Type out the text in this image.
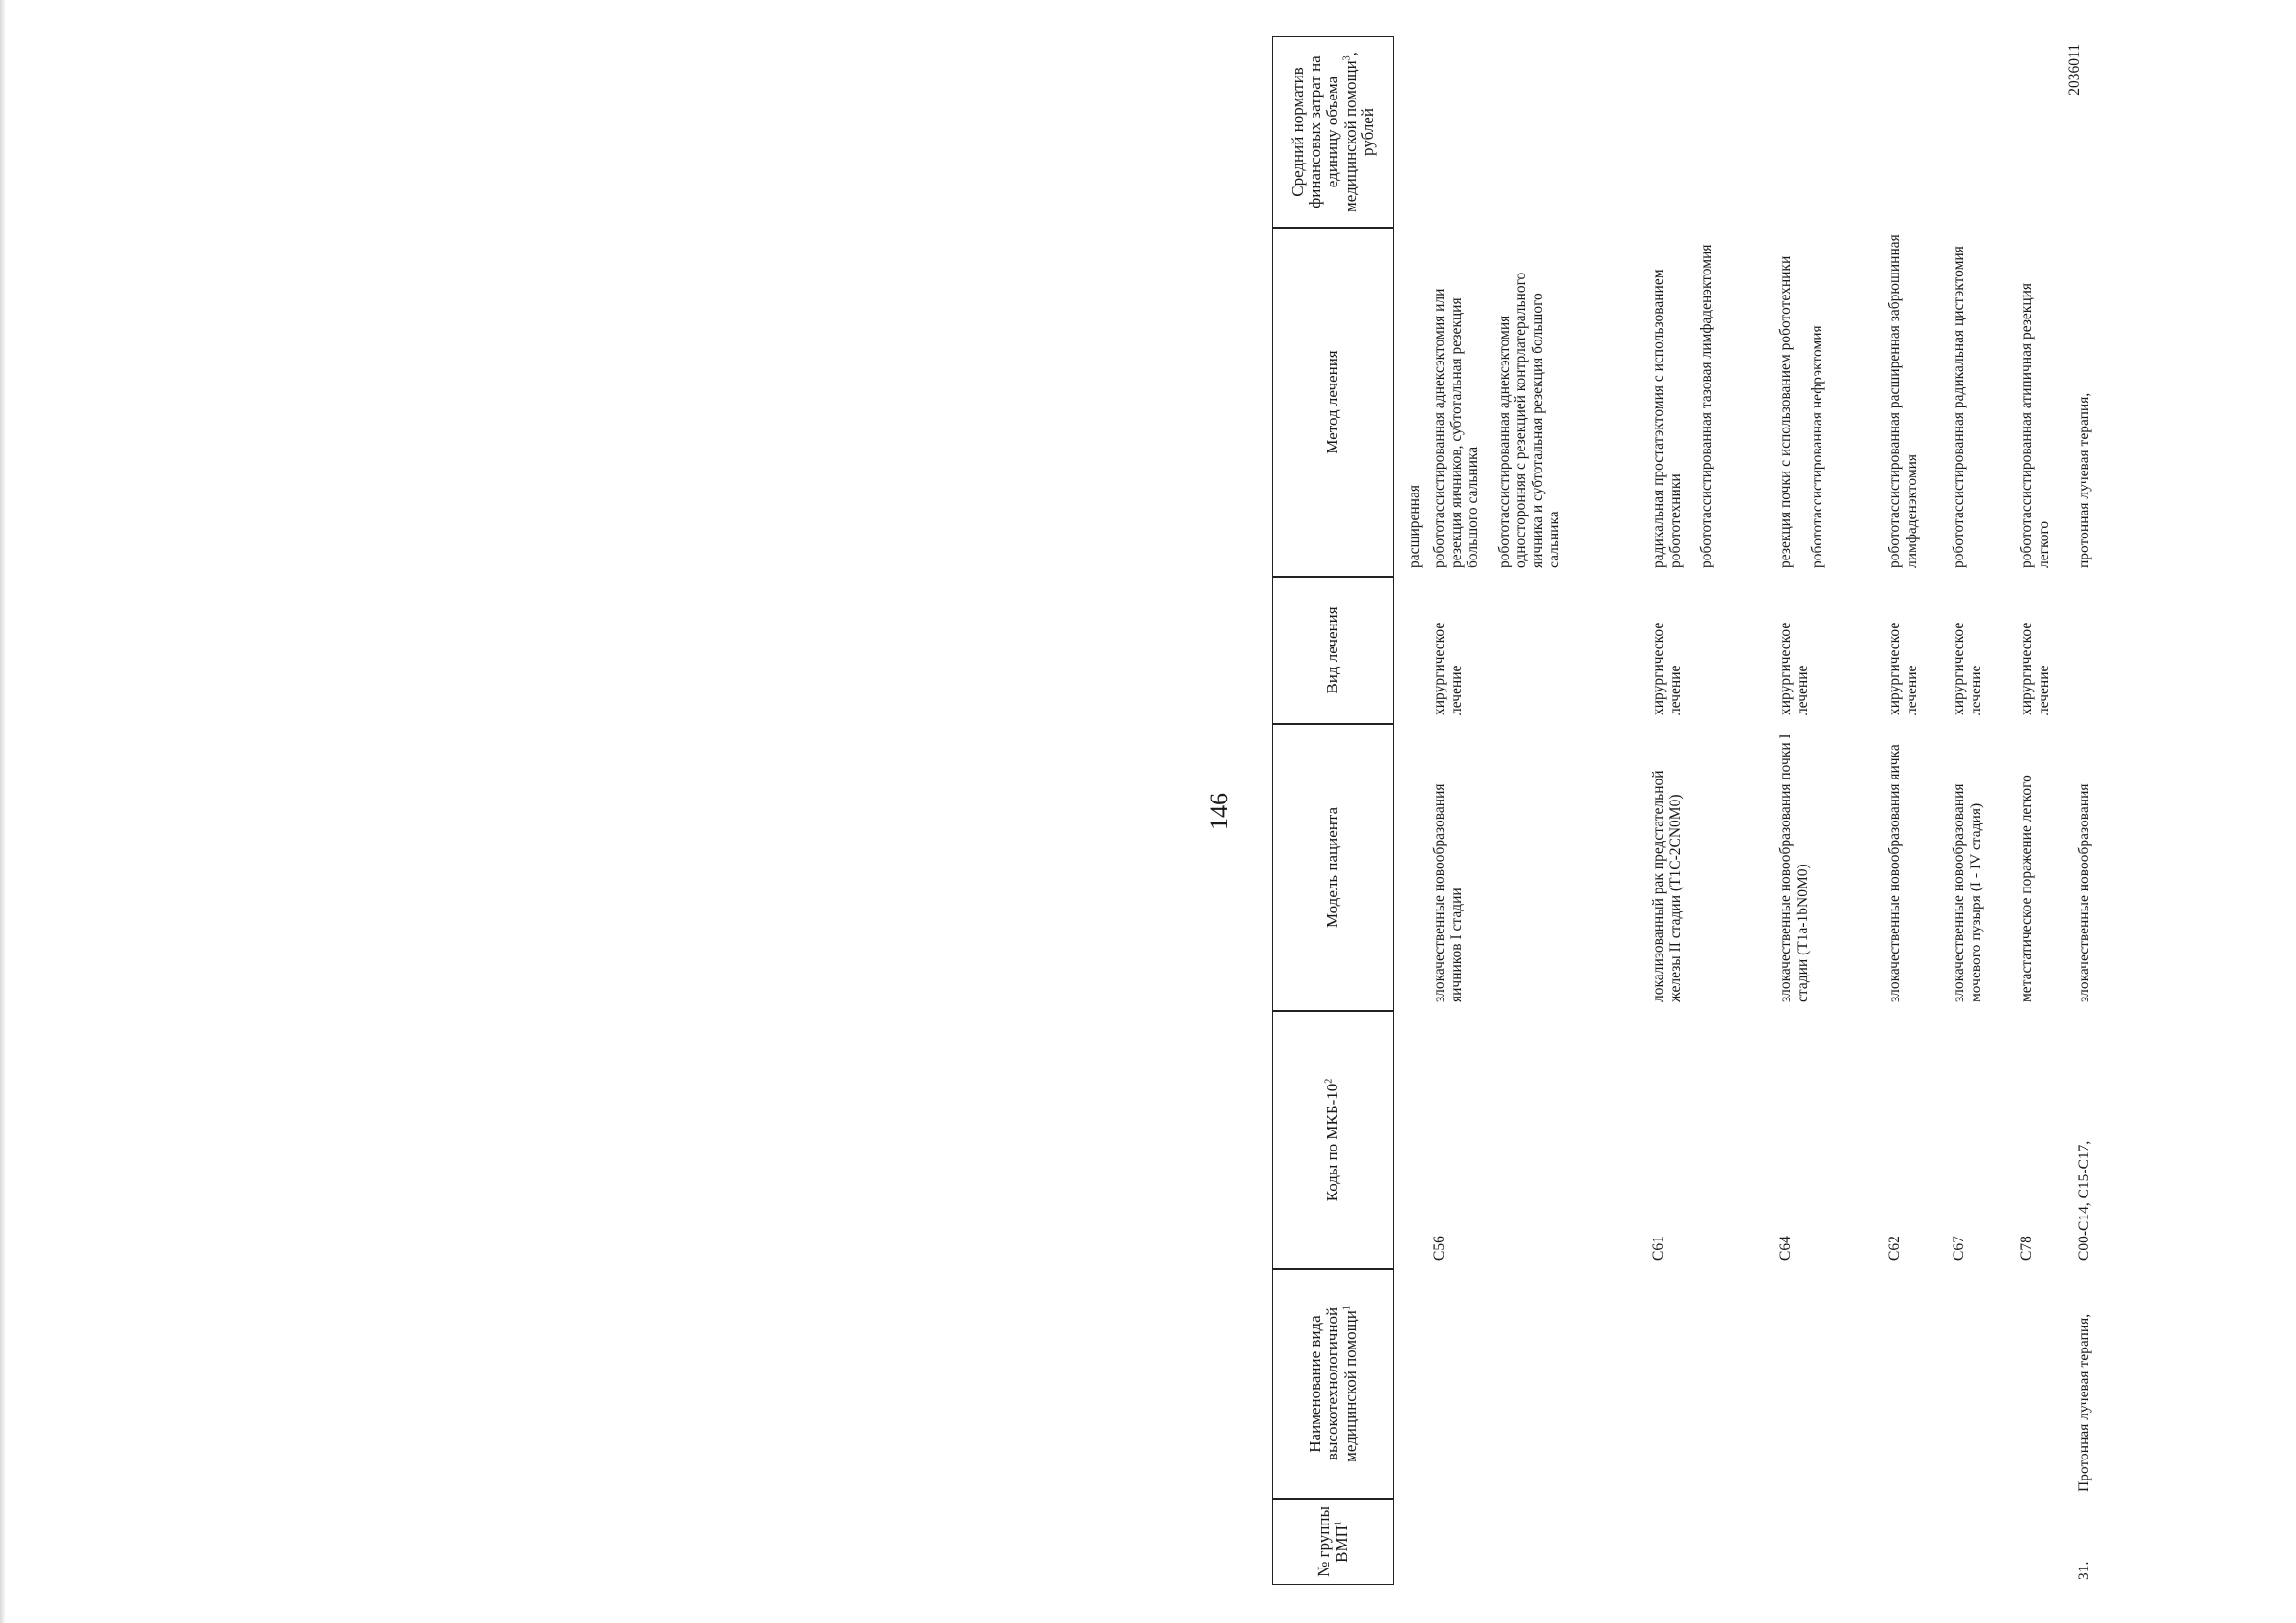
146
№ группы ВМП$^1$
Наименование вида высокотехнологичной медицинской помощи$^1$
Коды по МКБ-$10^2$
Модель пациента
Вид лечения
Метод лечения
Средний норматив финансовых затрат на единицу объема медицинской помощи$^3$, рублей
расширенная
C56
злокачественные новообразования яичников I стадии
хирургическое лечение
робототассистированная аднексэктомия или резекция яичников, субтотальная резекция большого сальника робототассистированная аднексэктомия односторонняя с резекцией контрлатерального яичника и субтотальная резекция большого сальника
C61
локализованный рак предстательной железы II стадии (T1C-2CN0M0)
хирургическое лечение
радикальная простатэктомия с использованием робототехники робототассистированная тазовая лимфаденэктомия
C64
злокачественные новообразования почки I стадии (T1a-1bN0M0)
хирургическое лечение
резекция почки с использованием робототехники робототассистированная нефрэктомия
C62
злокачественные новообразования яичка
хирургическое лечение
робототассистированная расширенная забрюшинная лимфаденэктомия
C67
злокачественные новообразования мочевого пузыря (I - IV стадия)
хирургическое лечение
робототассистированная радикальная цистэктомия
C78
метастатическое поражение легкого
хирургическое лечение
робототассистированная атипичная резекция легкого
31.
Протонная лучевая терапия,
C00-C14, C15-C17,
злокачественные новообразования
протонная лучевая терапия,
2036011
